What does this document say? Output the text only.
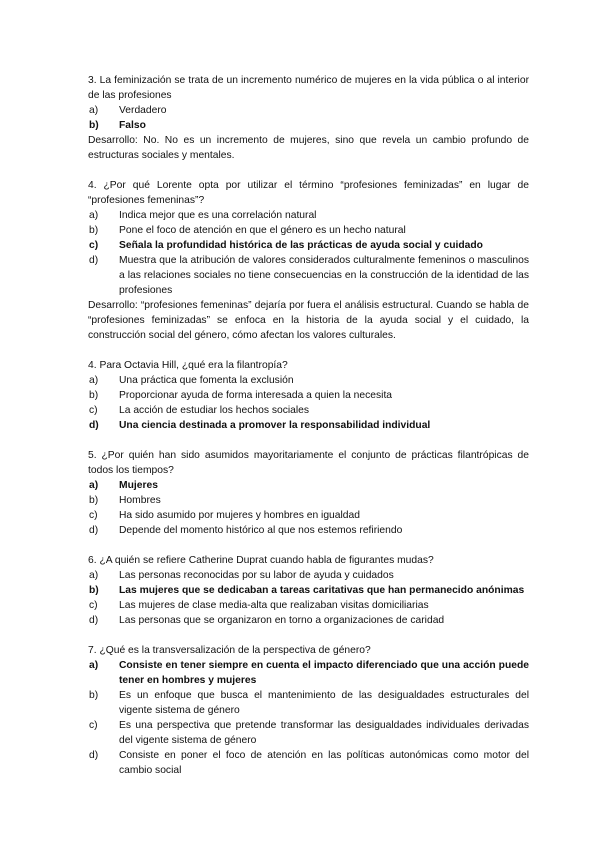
3. La feminización se trata de un incremento numérico de mujeres en la vida pública o al interior de las profesiones
a) Verdadero
b) Falso
Desarrollo: No. No es un incremento de mujeres, sino que revela un cambio profundo de estructuras sociales y mentales.
4. ¿Por qué Lorente opta por utilizar el término “profesiones feminizadas” en lugar de “profesiones femeninas”?
a) Indica mejor que es una correlación natural
b) Pone el foco de atención en que el género es un hecho natural
c) Señala la profundidad histórica de las prácticas de ayuda social y cuidado
d) Muestra que la atribución de valores considerados culturalmente femeninos o masculinos a las relaciones sociales no tiene consecuencias en la construcción de la identidad de las profesiones
Desarrollo: “profesiones femeninas” dejaría por fuera el análisis estructural. Cuando se habla de “profesiones feminizadas” se enfoca en la historia de la ayuda social y el cuidado, la construcción social del género, cómo afectan los valores culturales.
4. Para Octavia Hill, ¿qué era la filantropía?
a) Una práctica que fomenta la exclusión
b) Proporcionar ayuda de forma interesada a quien la necesita
c) La acción de estudiar los hechos sociales
d) Una ciencia destinada a promover la responsabilidad individual
5. ¿Por quién han sido asumidos mayoritariamente el conjunto de prácticas filantrópicas de todos los tiempos?
a) Mujeres
b) Hombres
c) Ha sido asumido por mujeres y hombres en igualdad
d) Depende del momento histórico al que nos estemos refiriendo
6. ¿A quién se refiere Catherine Duprat cuando habla de figurantes mudas?
a) Las personas reconocidas por su labor de ayuda y cuidados
b) Las mujeres que se dedicaban a tareas caritativas que han permanecido anónimas
c) Las mujeres de clase media-alta que realizaban visitas domiciliarias
d) Las personas que se organizaron en torno a organizaciones de caridad
7. ¿Qué es la transversalización de la perspectiva de género?
a) Consiste en tener siempre en cuenta el impacto diferenciado que una acción puede tener en hombres y mujeres
b) Es un enfoque que busca el mantenimiento de las desigualdades estructurales del vigente sistema de género
c) Es una perspectiva que pretende transformar las desigualdades individuales derivadas del vigente sistema de género
d) Consiste en poner el foco de atención en las políticas autonómicas como motor del cambio social
